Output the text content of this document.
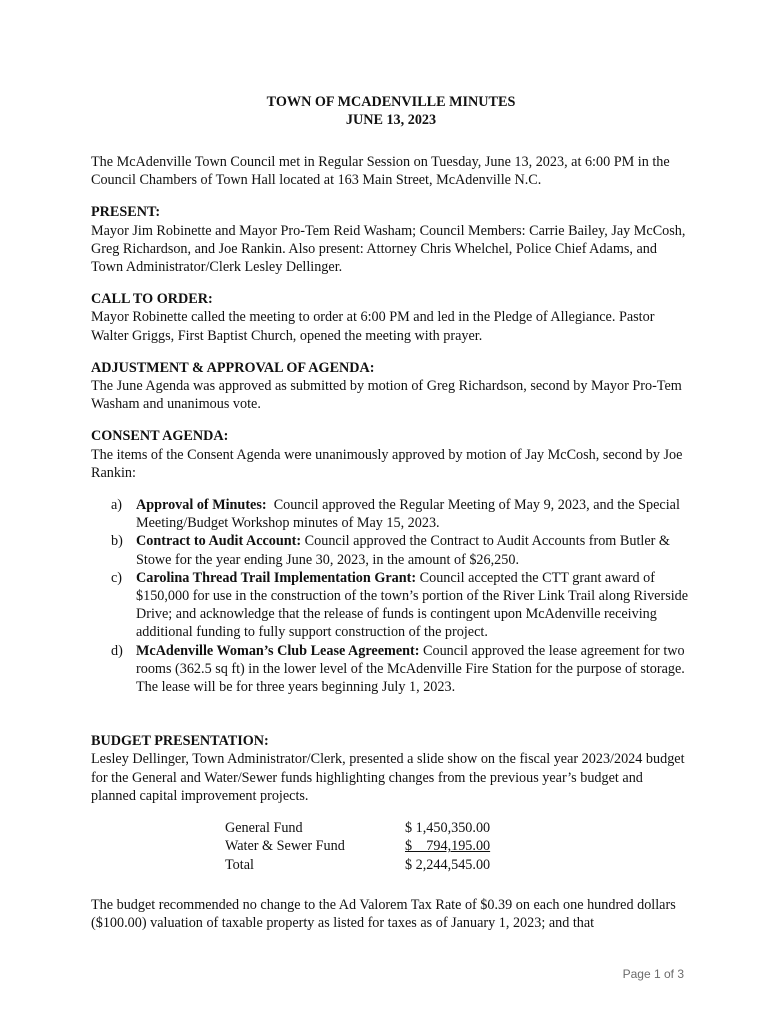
TOWN OF MCADENVILLE MINUTES
JUNE 13, 2023

The McAdenville Town Council met in Regular Session on Tuesday, June 13, 2023, at 6:00 PM in the Council Chambers of Town Hall located at 163 Main Street, McAdenville N.C.

PRESENT:

Mayor Jim Robinette and Mayor Pro-Tem Reid Washam; Council Members: Carrie Bailey, Jay McCosh, Greg Richardson, and Joe Rankin. Also present: Attorney Chris Whelchel, Police Chief Adams, and Town Administrator/Clerk Lesley Dellinger.

CALL TO ORDER:

Mayor Robinette called the meeting to order at 6:00 PM and led in the Pledge of Allegiance. Pastor Walter Griggs, First Baptist Church, opened the meeting with prayer.

ADJUSTMENT & APPROVAL OF AGENDA:

The June Agenda was approved as submitted by motion of Greg Richardson, second by Mayor Pro-Tem Washam and unanimous vote.

CONSENT AGENDA:

The items of the Consent Agenda were unanimously approved by motion of Jay McCosh, second by Joe Rankin:

a) Approval of Minutes:  Council approved the Regular Meeting of May 9, 2023, and the Special Meeting/Budget Workshop minutes of May 15, 2023.
b) Contract to Audit Account: Council approved the Contract to Audit Accounts from Butler & Stowe for the year ending June 30, 2023, in the amount of $26,250.
c) Carolina Thread Trail Implementation Grant: Council accepted the CTT grant award of $150,000 for use in the construction of the town’s portion of the River Link Trail along Riverside Drive; and acknowledge that the release of funds is contingent upon McAdenville receiving additional funding to fully support construction of the project.
d) McAdenville Woman’s Club Lease Agreement: Council approved the lease agreement for two rooms (362.5 sq ft) in the lower level of the McAdenville Fire Station for the purpose of storage. The lease will be for three years beginning July 1, 2023.
BUDGET PRESENTATION:

Lesley Dellinger, Town Administrator/Clerk, presented a slide show on the fiscal year 2023/2024 budget for the General and Water/Sewer funds highlighting changes from the previous year’s budget and planned capital improvement projects.

General Fund	$ 1,450,350.00
Water & Sewer Fund	$    794,195.00
Total	$ 2,244,545.00

The budget recommended no change to the Ad Valorem Tax Rate of $0.39 on each one hundred dollars ($100.00) valuation of taxable property as listed for taxes as of January 1, 2023; and that

Page 1 of 3
